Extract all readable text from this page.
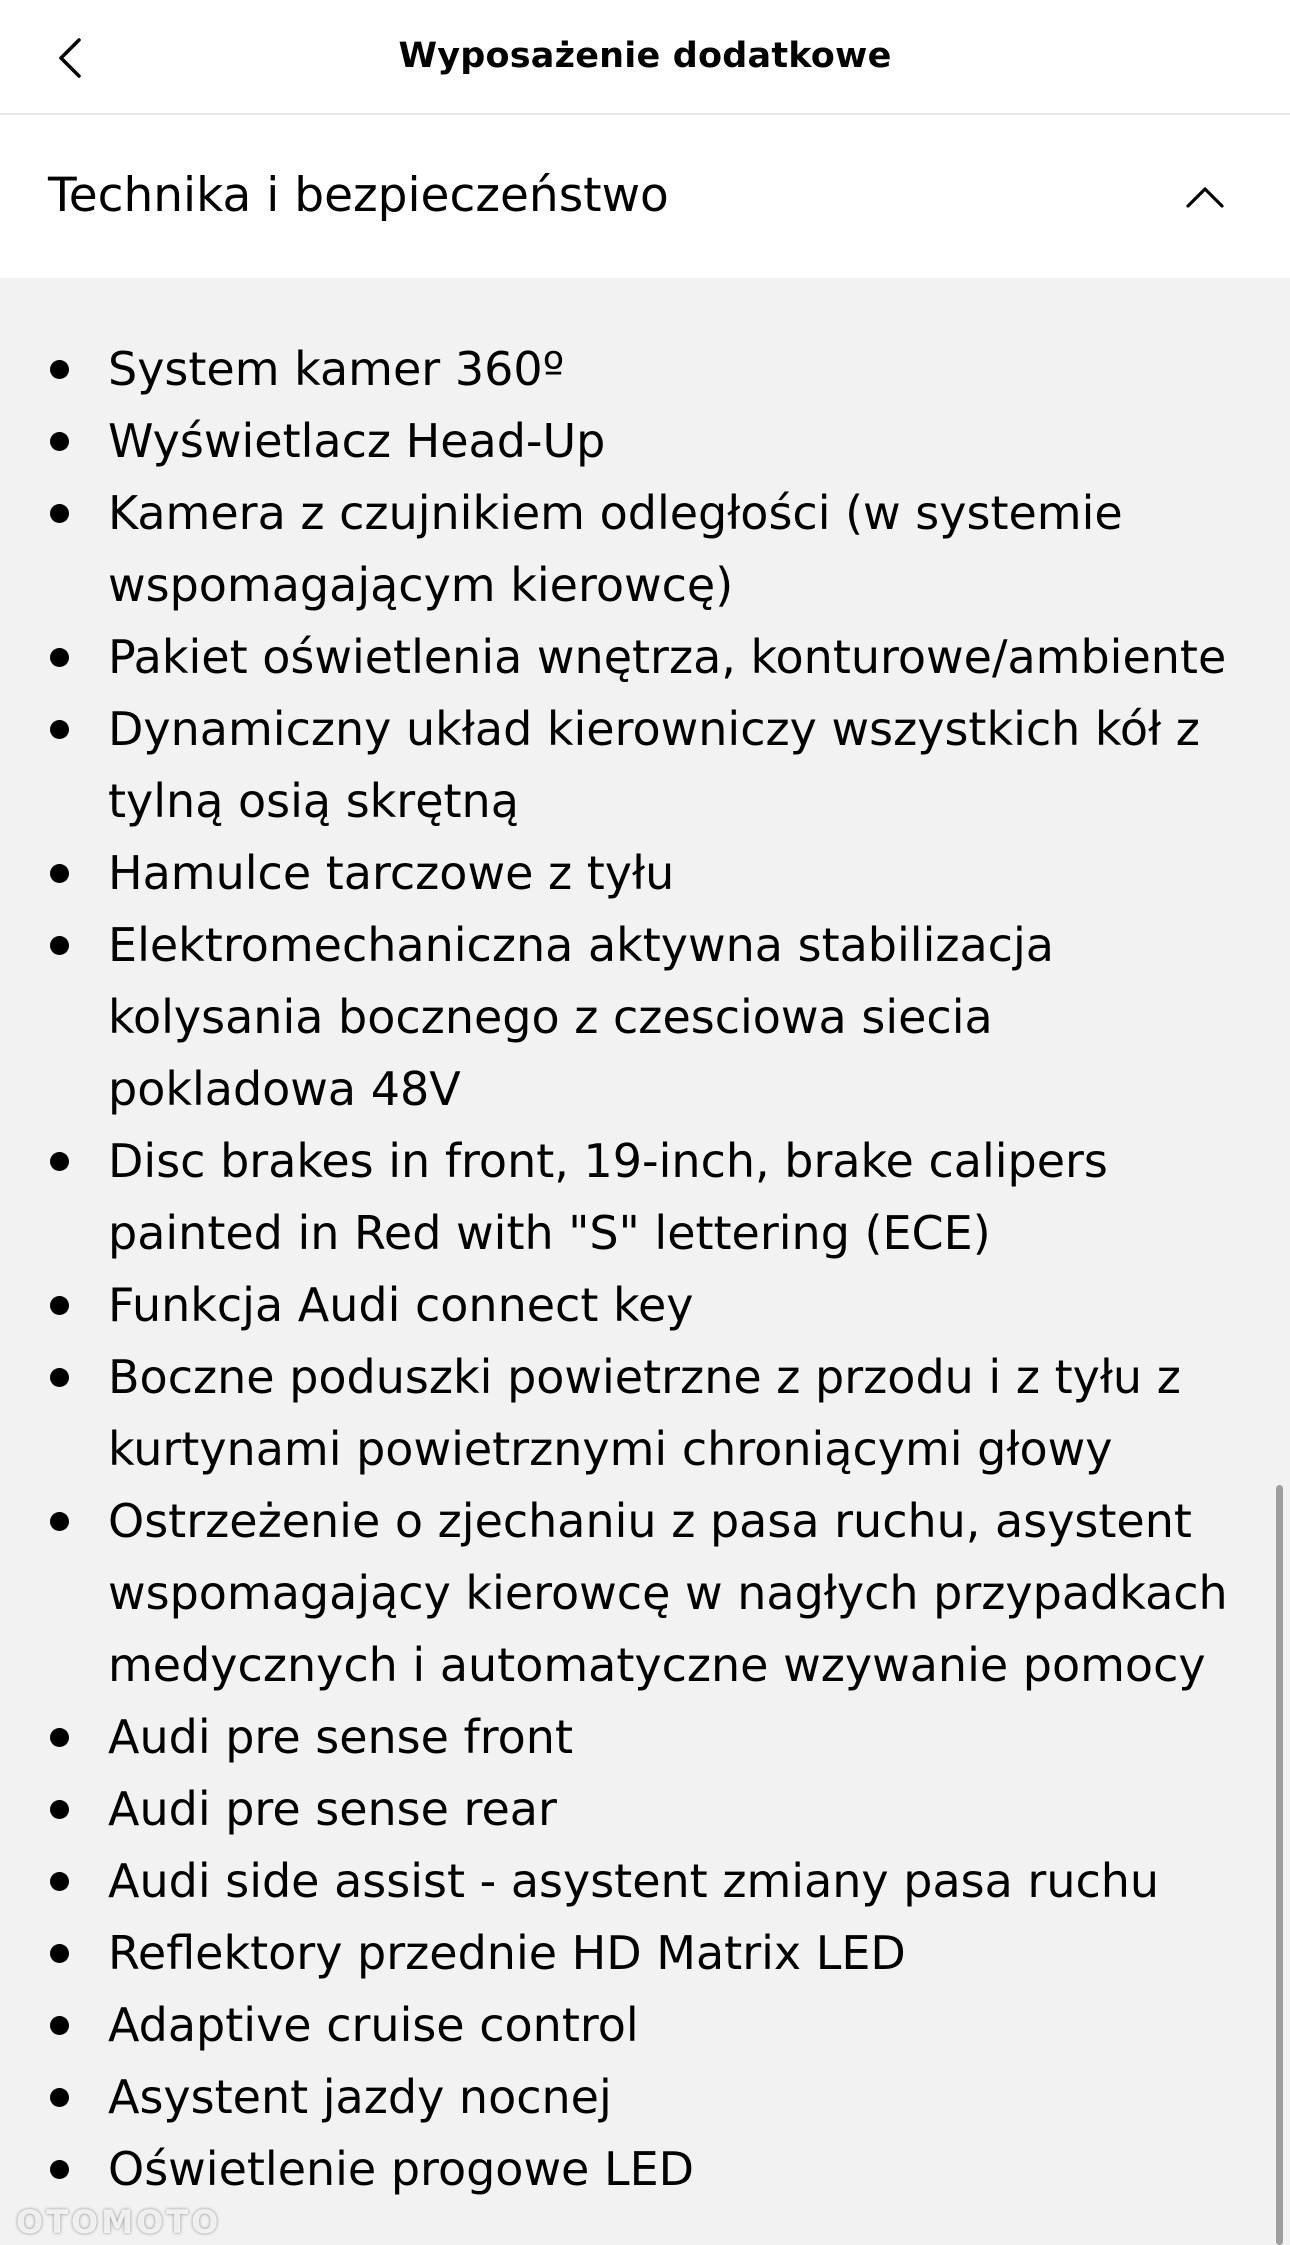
Wyposażenie dodatkowe
Technika i bezpieczeństwo
System kamer 360º
Wyświetlacz Head-Up
Kamera z czujnikiem odległości (w systemie wspomagającym kierowcę)
Pakiet oświetlenia wnętrza, konturowe/ambiente
Dynamiczny układ kierowniczy wszystkich kół z tylną osią skrętną
Hamulce tarczowe z tyłu
Elektromechaniczna aktywna stabilizacja kolysania bocznego z czesciowa siecia pokladowa 48V
Disc brakes in front, 19-inch, brake calipers painted in Red with "S" lettering (ECE)
Funkcja Audi connect key
Boczne poduszki powietrzne z przodu i z tyłu z kurtynami powietrznymi chroniącymi głowy
Ostrzeżenie o zjechaniu z pasa ruchu, asystent wspomagający kierowcę w nagłych przypadkach medycznych i automatyczne wzywanie pomocy
Audi pre sense front
Audi pre sense rear
Audi side assist - asystent zmiany pasa ruchu
Reflektory przednie HD Matrix LED
Adaptive cruise control
Asystent jazdy nocnej
Oświetlenie progowe LED
OTOMOTO
